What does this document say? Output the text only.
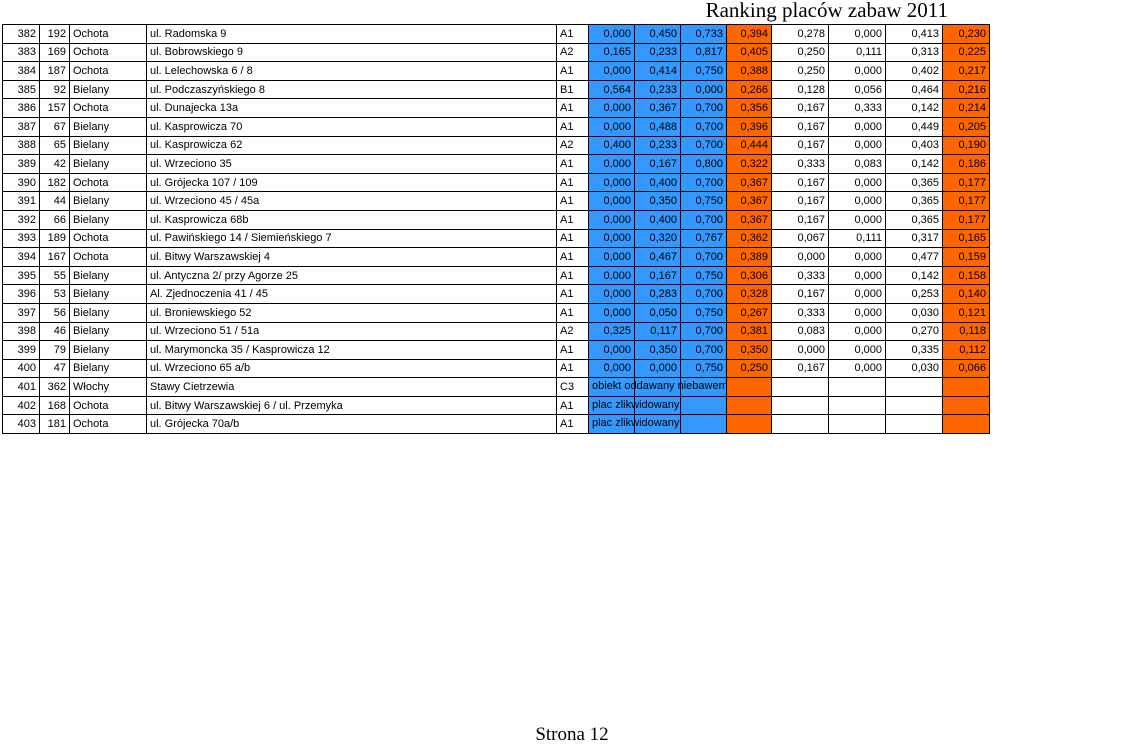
Ranking placów zabaw 2011
382	192	Ochota	ul. Radomska 9	A1	0,000	0,450	0,733	0,394	0,278	0,000	0,413	0,230
383	169	Ochota	ul. Bobrowskiego 9	A2	0,165	0,233	0,817	0,405	0,250	0,111	0,313	0,225
384	187	Ochota	ul. Lelechowska 6 / 8	A1	0,000	0,414	0,750	0,388	0,250	0,000	0,402	0,217
385	92	Bielany	ul. Podczaszyńskiego 8	B1	0,564	0,233	0,000	0,266	0,128	0,056	0,464	0,216
386	157	Ochota	ul. Dunajecka 13a	A1	0,000	0,367	0,700	0,356	0,167	0,333	0,142	0,214
387	67	Bielany	ul. Kasprowicza 70	A1	0,000	0,488	0,700	0,396	0,167	0,000	0,449	0,205
388	65	Bielany	ul. Kasprowicza 62	A2	0,400	0,233	0,700	0,444	0,167	0,000	0,403	0,190
389	42	Bielany	ul. Wrzeciono 35	A1	0,000	0,167	0,800	0,322	0,333	0,083	0,142	0,186
390	182	Ochota	ul. Grójecka 107 / 109	A1	0,000	0,400	0,700	0,367	0,167	0,000	0,365	0,177
391	44	Bielany	ul. Wrzeciono 45 / 45a	A1	0,000	0,350	0,750	0,367	0,167	0,000	0,365	0,177
392	66	Bielany	ul. Kasprowicza 68b	A1	0,000	0,400	0,700	0,367	0,167	0,000	0,365	0,177
393	189	Ochota	ul. Pawińskiego 14 / Siemieńskiego 7	A1	0,000	0,320	0,767	0,362	0,067	0,111	0,317	0,165
394	167	Ochota	ul. Bitwy Warszawskiej 4	A1	0,000	0,467	0,700	0,389	0,000	0,000	0,477	0,159
395	55	Bielany	ul. Antyczna 2/ przy Agorze 25	A1	0,000	0,167	0,750	0,306	0,333	0,000	0,142	0,158
396	53	Bielany	Al. Zjednoczenia 41 / 45	A1	0,000	0,283	0,700	0,328	0,167	0,000	0,253	0,140
397	56	Bielany	ul. Broniewskiego 52	A1	0,000	0,050	0,750	0,267	0,333	0,000	0,030	0,121
398	46	Bielany	ul. Wrzeciono 51 / 51a	A2	0,325	0,117	0,700	0,381	0,083	0,000	0,270	0,118
399	79	Bielany	ul. Marymoncka 35 / Kasprowicza 12	A1	0,000	0,350	0,700	0,350	0,000	0,000	0,335	0,112
400	47	Bielany	ul. Wrzeciono 65 a/b	A1	0,000	0,000	0,750	0,250	0,167	0,000	0,030	0,066
401	362	Włochy	Stawy Cietrzewia	C3	obiekt oddawany niebawem							

402	168	Ochota	ul. Bitwy Warszawskiej 6 / ul. Przemyka	A1	plac zlikwidowany							

403	181	Ochota	ul. Grójecka 70a/b	A1	plac zlikwidowany							

Strona 12
